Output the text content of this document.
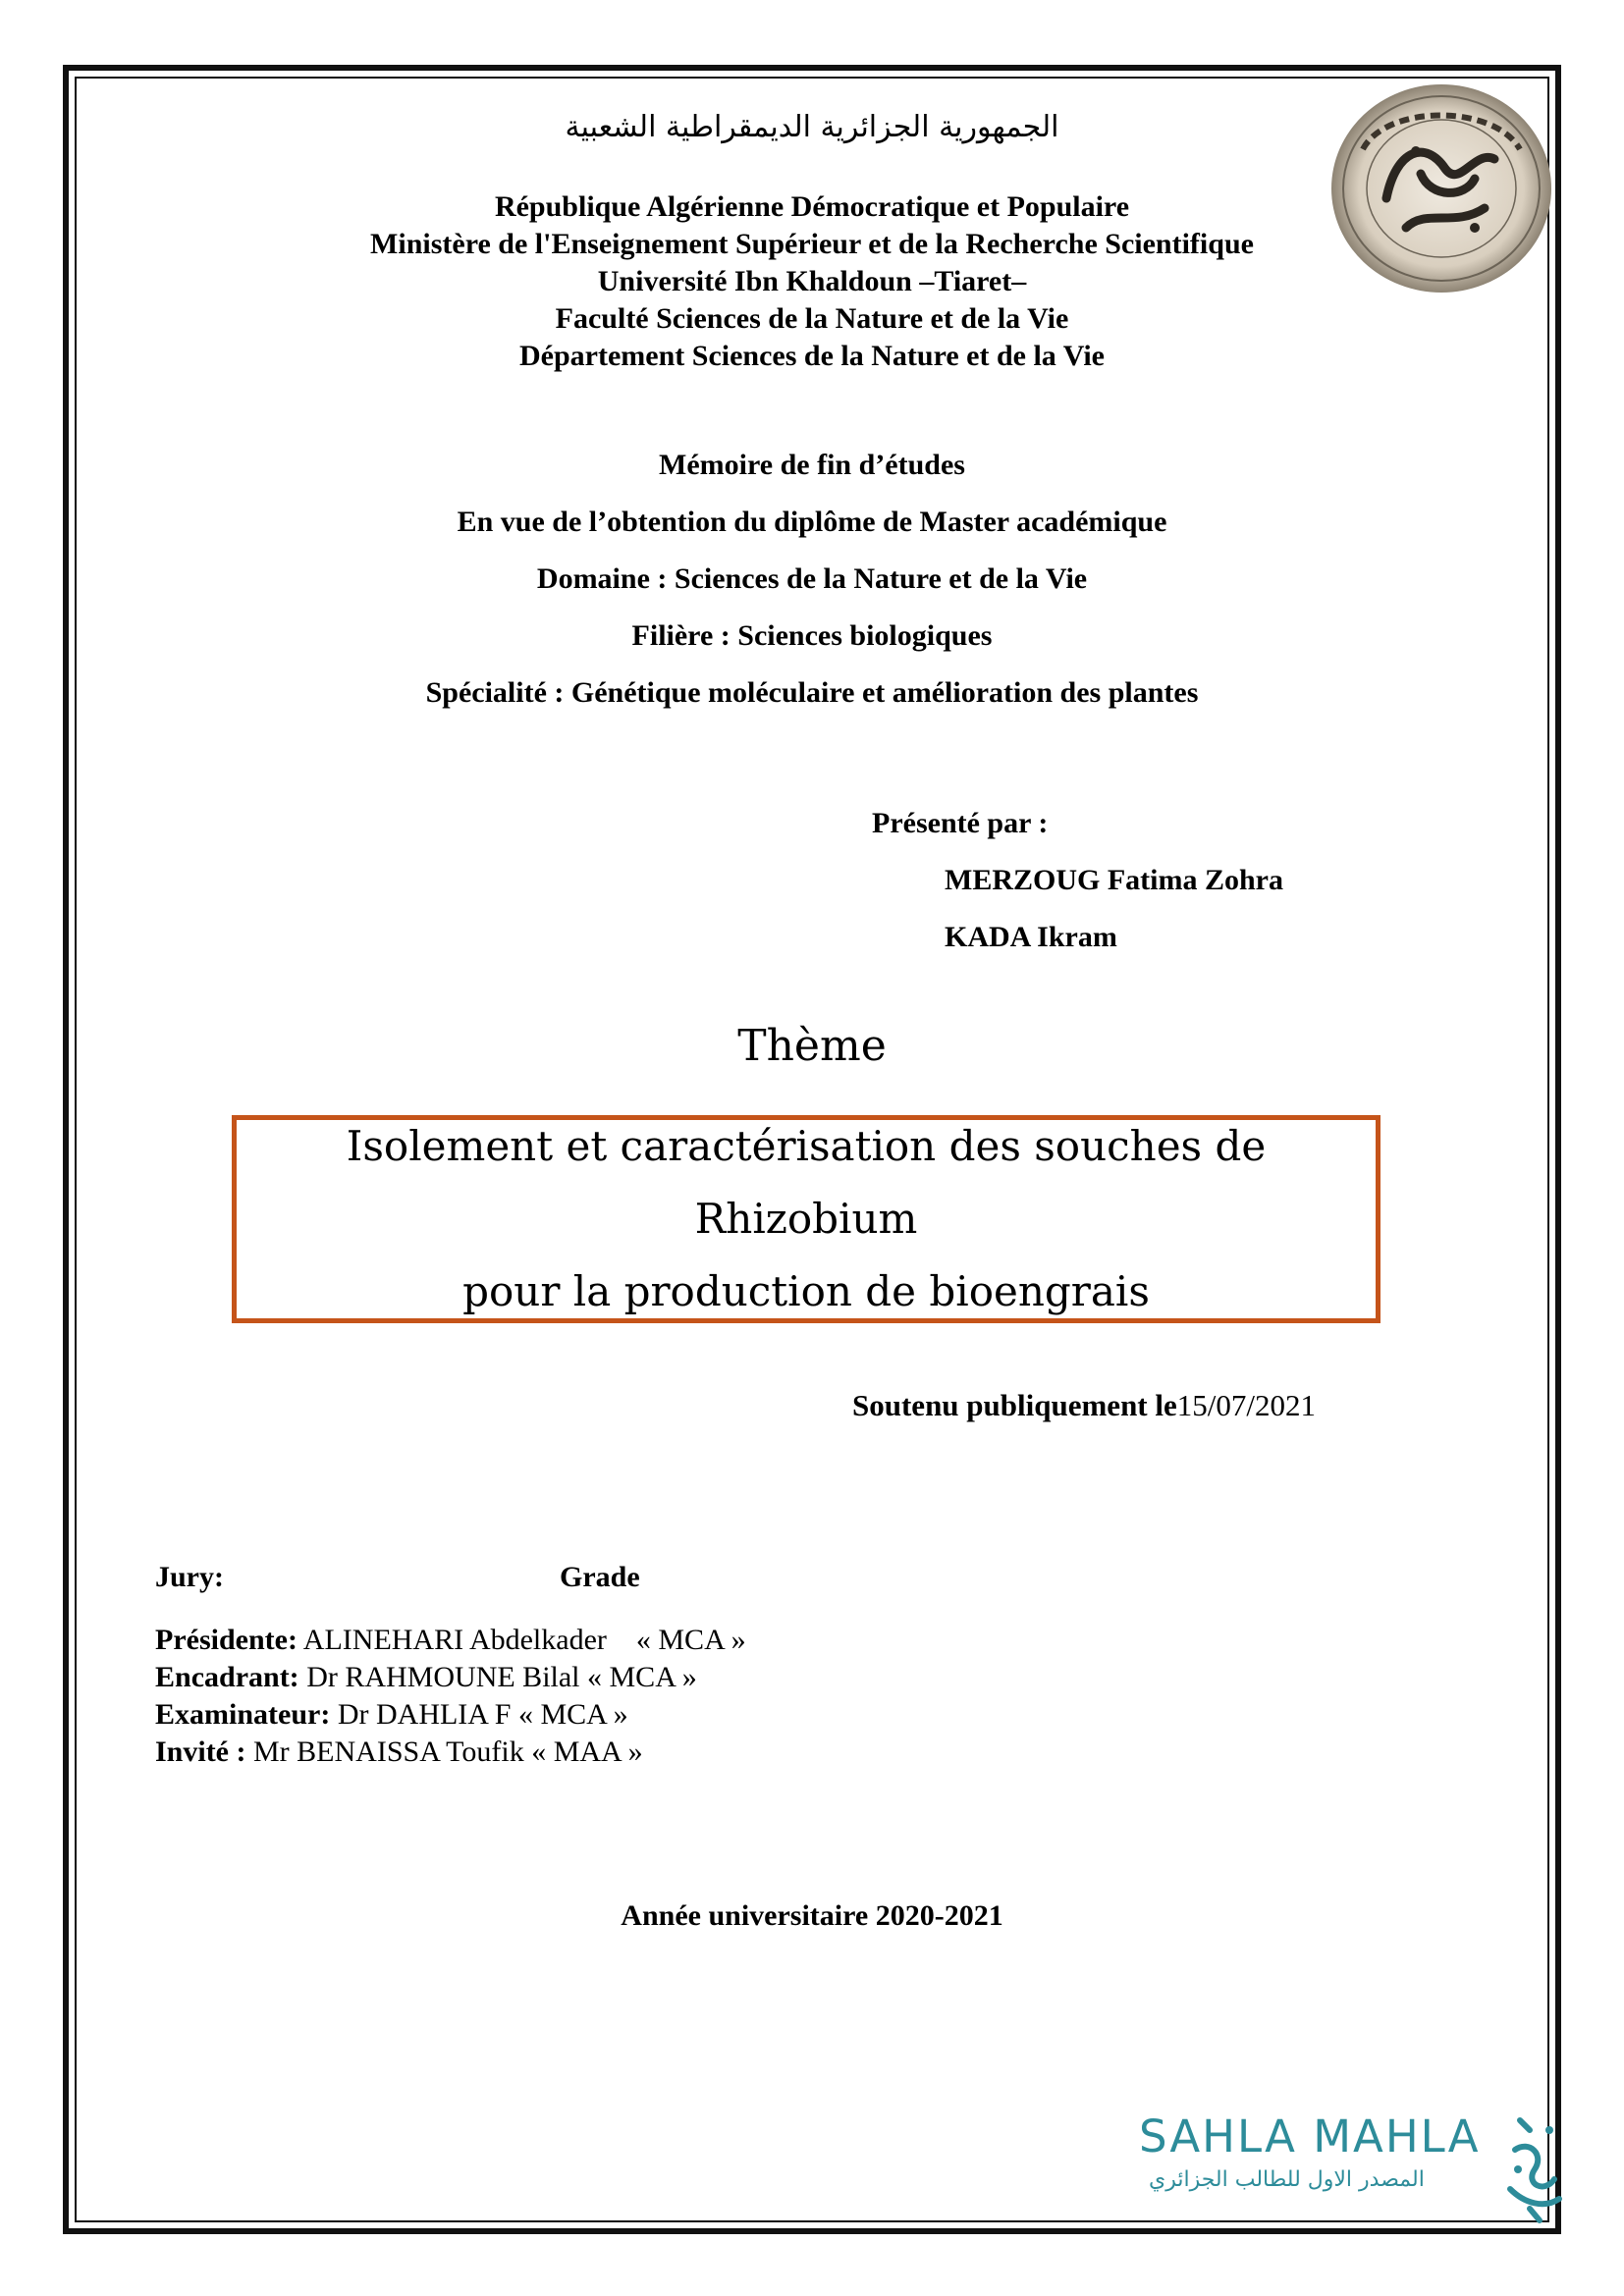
الجمهورية الجزائرية الديمقراطية الشعبية
République Algérienne Démocratique et Populaire
Ministère de l'Enseignement Supérieur et de la Recherche Scientifique
Université Ibn Khaldoun –Tiaret–
Faculté Sciences de la Nature et de la Vie
Département Sciences de la Nature et de la Vie
Mémoire de fin d’études
En vue de l’obtention du diplôme de Master académique
Domaine : Sciences de la Nature et de la Vie
Filière : Sciences biologiques
Spécialité : Génétique moléculaire et amélioration des plantes
Présenté par :
MERZOUG Fatima Zohra
KADA Ikram
Thème
Isolement et caractérisation des souches de Rhizobium
pour la production de bioengrais
Soutenu publiquement le15/07/2021
Jury:	Grade
Présidente: ALINEHARI Abdelkader    « MCA »
Encadrant: Dr RAHMOUNE Bilal « MCA »
Examinateur: Dr DAHLIA F « MCA »
Invité : Mr BENAISSA Toufik « MAA »
Année universitaire 2020-2021
SAHLA MAHLA
المصدر الاول للطالب الجزائري
